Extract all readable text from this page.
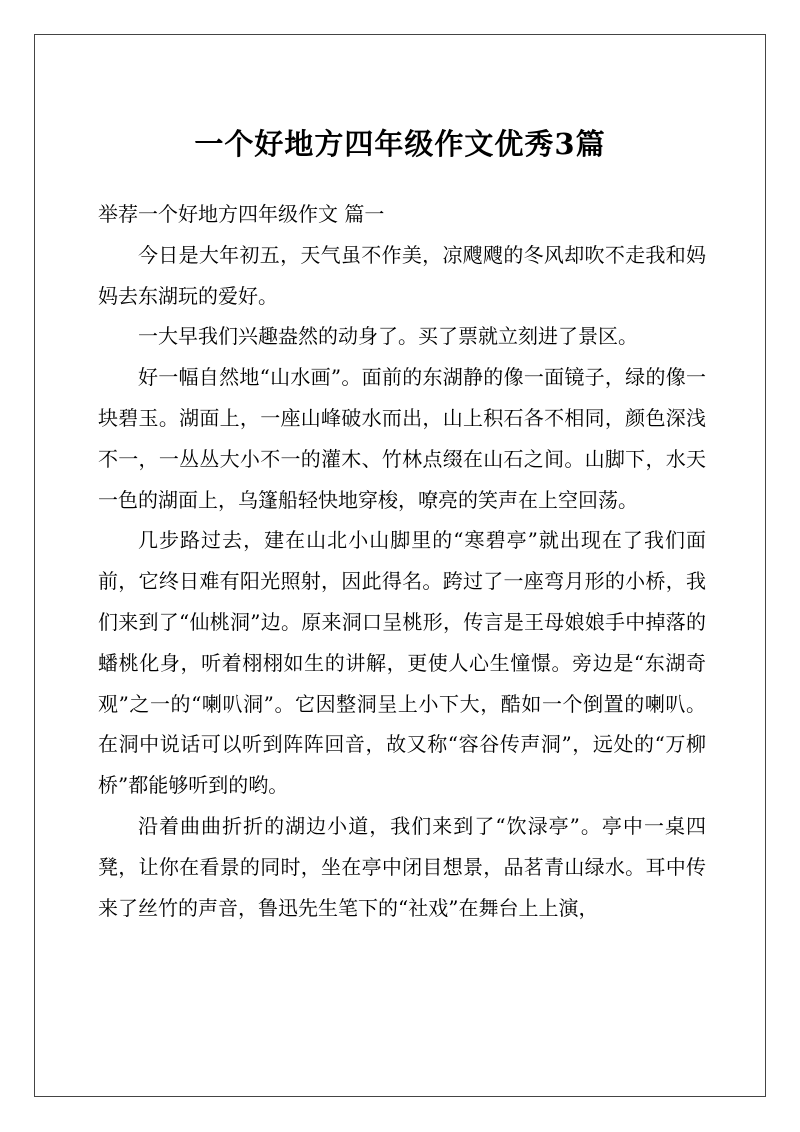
一个好地方四年级作文优秀3篇

举荐一个好地方四年级作文 篇一

今日是大年初五，天气虽不作美，凉飕飕的冬风却吹不走我和妈妈去东湖玩的爱好。

一大早我们兴趣盎然的动身了。买了票就立刻进了景区。

好一幅自然地“山水画”。面前的东湖静的像一面镜子，绿的像一块碧玉。湖面上，一座山峰破水而出，山上积石各不相同，颜色深浅不一，一丛丛大小不一的灌木、竹林点缀在山石之间。山脚下，水天一色的湖面上，乌篷船轻快地穿梭，嘹亮的笑声在上空回荡。

几步路过去，建在山北小山脚里的“寒碧亭”就出现在了我们面前，它终日难有阳光照射，因此得名。跨过了一座弯月形的小桥，我们来到了“仙桃洞”边。原来洞口呈桃形，传言是王母娘娘手中掉落的蟠桃化身，听着栩栩如生的讲解，更使人心生憧憬。旁边是“东湖奇观”之一的“喇叭洞”。它因整洞呈上小下大，酷如一个倒置的喇叭。在洞中说话可以听到阵阵回音，故又称“容谷传声洞”，远处的“万柳桥”都能够听到的哟。

沿着曲曲折折的湖边小道，我们来到了“饮渌亭”。亭中一桌四凳，让你在看景的同时，坐在亭中闭目想景，品茗青山绿水。耳中传来了丝竹的声音，鲁迅先生笔下的“社戏”在舞台上上演，
